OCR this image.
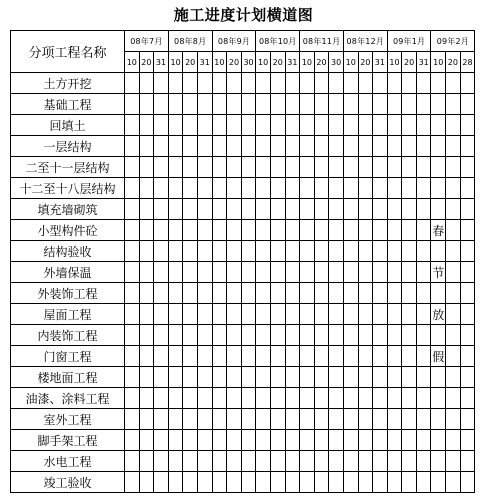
施工进度计划横道图
分项工程名称	08年7月			08年8月			08年9月			08年10月			08年11月			08年12月			09年1月			09年2月		
	10	20	31	10	20	31	10	20	30	10	20	31	10	20	30	10	20	31	10	20	31	10	20	28
土方开挖																								
基础工程																								
回填土																								
一层结构																								
二至十一层结构																								
十二至十八层结构																								
填充墙砌筑																								
小型构件砼																						春		
结构验收																								
外墙保温																						节		
外装饰工程																								
屋面工程																						放		
内装饰工程																								
门窗工程																						假		
楼地面工程																								
油漆、涂料工程																								
室外工程																								
脚手架工程																								
水电工程																								
竣工验收																								
